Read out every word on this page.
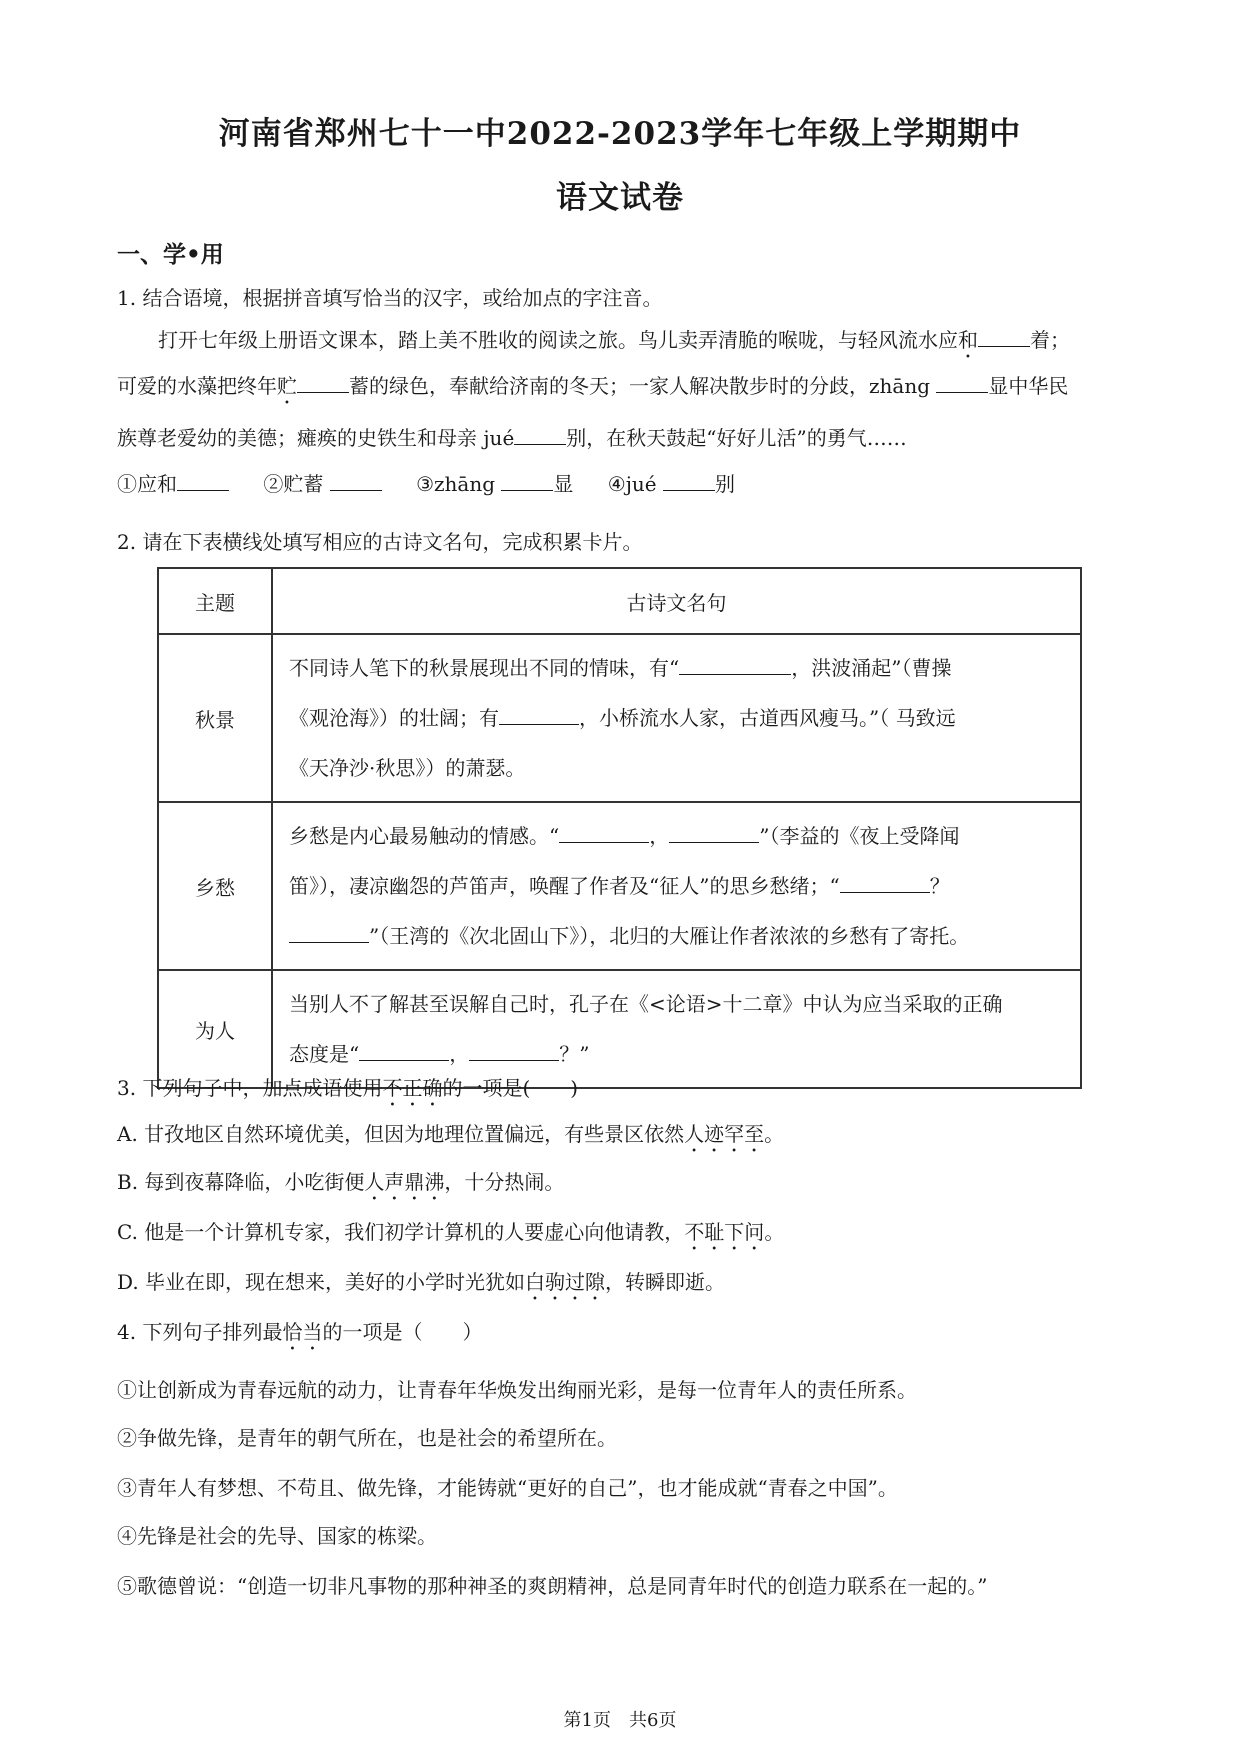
河南省郑州七十一中2022-2023学年七年级上学期期中
语文试卷
一、学•用
1. 结合语境，根据拼音填写恰当的汉字，或给加点的字注音。
打开七年级上册语文课本，踏上美不胜收的阅读之旅。鸟儿卖弄清脆的喉咙，与轻风流水应和	着；
可爱的水藻把终年贮	蓄的绿色，奉献给济南的冬天；一家人解决散步时的分歧，zhāng	显中华民
族尊老爱幼的美德；瘫痪的史铁生和母亲 jué	别，在秋天鼓起“好好儿活”的勇气……
①应和	②贮蓄	③zhāng	显 ④jué	别
2. 请在下表横线处填写相应的古诗文名句，完成积累卡片。
主题	古诗文名句
秋景	不同诗人笔下的秋景展现出不同的情味，有“ ，洪波涌起”（曹操
《观沧海》）的壮阔；有 ，小桥流水人家，古道西风瘦马。”（ 马致远
《天净沙·秋思》）的萧瑟。

乡愁	乡愁是内心最易触动的情感。“ ， ”（李益的《夜上受降闻
笛》），凄凉幽怨的芦笛声，唤醒了作者及“征人”的思乡愁绪；“ ？
”（王湾的《次北固山下》），北归的大雁让作者浓浓的乡愁有了寄托。

为人	当别人不了解甚至误解自己时，孔子在《<论语>十二章》中认为应当采取的正确
态度是“ ， ？”
3. 下列句子中，加点成语使用不正确的一项是(　　)
A. 甘孜地区自然环境优美，但因为地理位置偏远，有些景区依然人迹罕至。
B. 每到夜幕降临，小吃街便人声鼎沸，十分热闹。
C. 他是一个计算机专家，我们初学计算机的人要虚心向他请教，不耻下问。
D. 毕业在即，现在想来，美好的小学时光犹如白驹过隙，转瞬即逝。
4. 下列句子排列最恰当的一项是（　　）
①让创新成为青春远航的动力，让青春年华焕发出绚丽光彩，是每一位青年人的责任所系。
②争做先锋，是青年的朝气所在，也是社会的希望所在。
③青年人有梦想、不苟且、做先锋，才能铸就“更好的自己”，也才能成就“青春之中国”。
④先锋是社会的先导、国家的栋梁。
⑤歌德曾说：“创造一切非凡事物的那种神圣的爽朗精神，总是同青年时代的创造力联系在一起的。”
第1页　共6页
